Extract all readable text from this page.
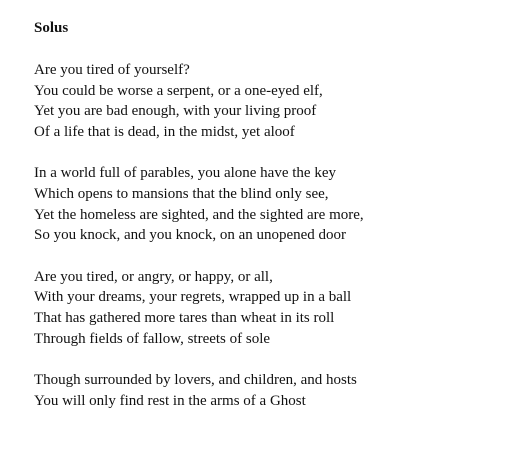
Solus
Are you tired of yourself?
You could be worse a serpent, or a one-eyed elf,
Yet you are bad enough, with your living proof
Of a life that is dead, in the midst, yet aloof
In a world full of parables, you alone have the key
Which opens to mansions that the blind only see,
Yet the homeless are sighted, and the sighted are more,
So you knock, and you knock, on an unopened door
Are you tired, or angry, or happy, or all,
With your dreams, your regrets, wrapped up in a ball
That has gathered more tares than wheat in its roll
Through fields of fallow, streets of sole
Though surrounded by lovers, and children, and hosts
You will only find rest in the arms of a Ghost
